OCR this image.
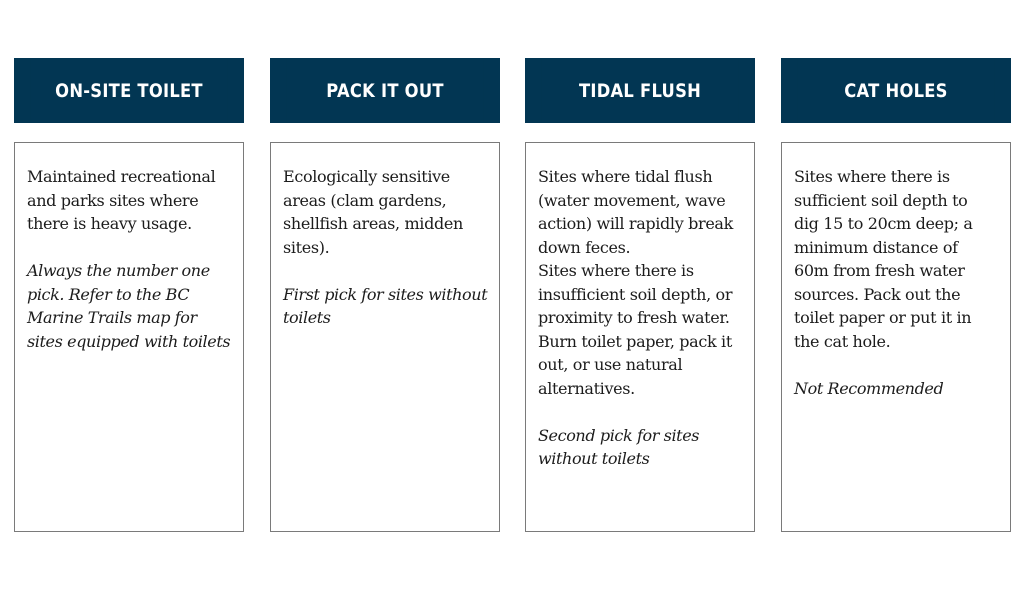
ON-SITE TOILET

Maintained recreational
and parks sites where
there is heavy usage.

Always the number one
pick. Refer to the BC
Marine Trails map for
sites equipped with toilets

PACK IT OUT

Ecologically sensitive
areas (clam gardens,
shellfish areas, midden
sites).

First pick for sites without
toilets

TIDAL FLUSH

Sites where tidal flush
(water movement, wave
action) will rapidly break
down feces.
Sites where there is
insufficient soil depth, or
proximity to fresh water.
Burn toilet paper, pack it
out, or use natural
alternatives.

Second pick for sites
without toilets

CAT HOLES

Sites where there is
sufficient soil depth to
dig 15 to 20cm deep; a
minimum distance of
60m from fresh water
sources. Pack out the
toilet paper or put it in
the cat hole.

Not Recommended
